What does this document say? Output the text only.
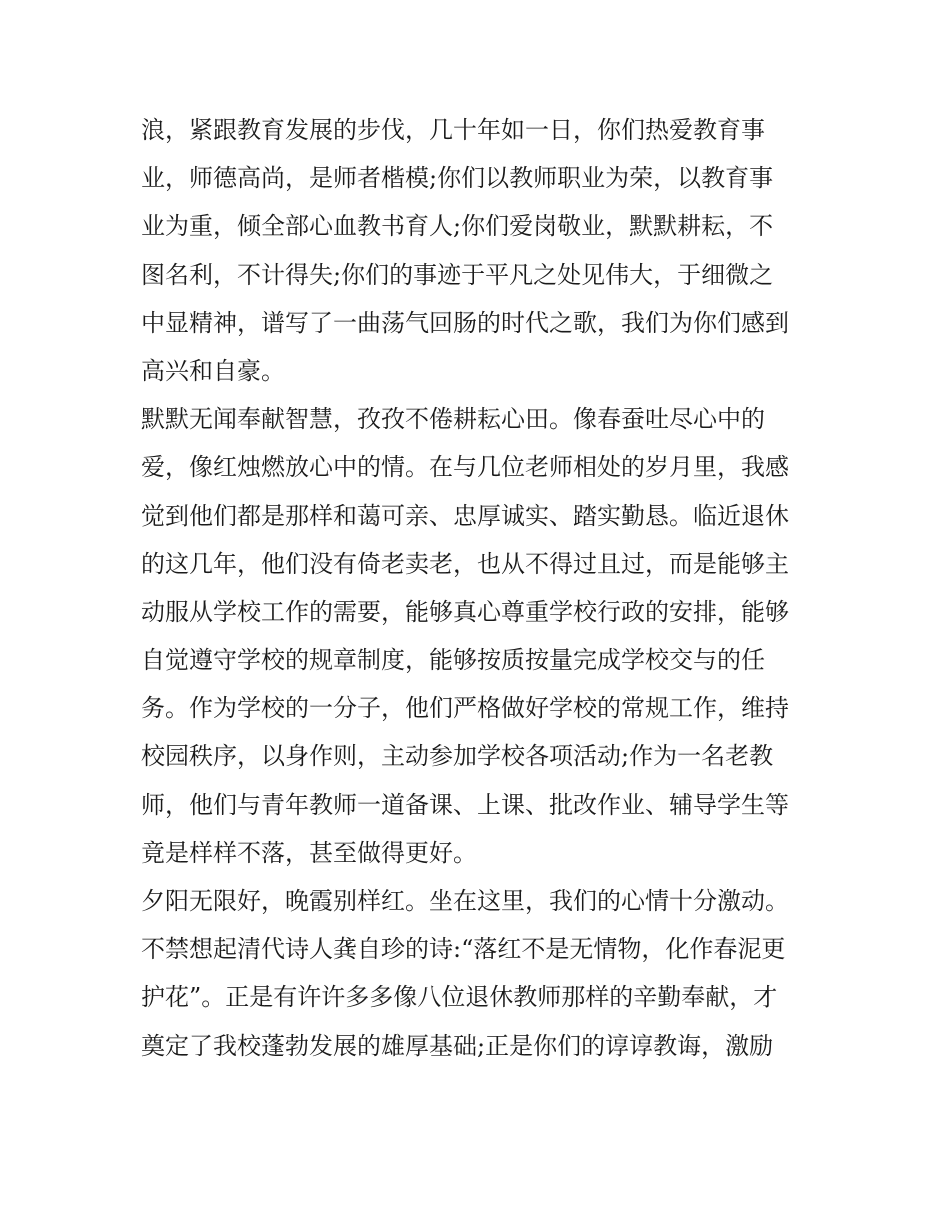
浪，紧跟教育发展的步伐，几十年如一日，你们热爱教育事
业，师德高尚，是师者楷模;你们以教师职业为荣，以教育事
业为重，倾全部心血教书育人;你们爱岗敬业，默默耕耘，不
图名利，不计得失;你们的事迹于平凡之处见伟大，于细微之
中显精神，谱写了一曲荡气回肠的时代之歌，我们为你们感到
高兴和自豪。
默默无闻奉献智慧，孜孜不倦耕耘心田。像春蚕吐尽心中的
爱，像红烛燃放心中的情。在与几位老师相处的岁月里，我感
觉到他们都是那样和蔼可亲、忠厚诚实、踏实勤恳。临近退休
的这几年，他们没有倚老卖老，也从不得过且过，而是能够主
动服从学校工作的需要，能够真心尊重学校行政的安排，能够
自觉遵守学校的规章制度，能够按质按量完成学校交与的任
务。作为学校的一分子，他们严格做好学校的常规工作，维持
校园秩序，以身作则，主动参加学校各项活动;作为一名老教
师，他们与青年教师一道备课、上课、批改作业、辅导学生等
竟是样样不落，甚至做得更好。
夕阳无限好，晚霞别样红。坐在这里，我们的心情十分激动。
不禁想起清代诗人龚自珍的诗:“落红不是无情物，化作春泥更
护花”。正是有许许多多像八位退休教师那样的辛勤奉献，才
奠定了我校蓬勃发展的雄厚基础;正是你们的谆谆教诲，激励
